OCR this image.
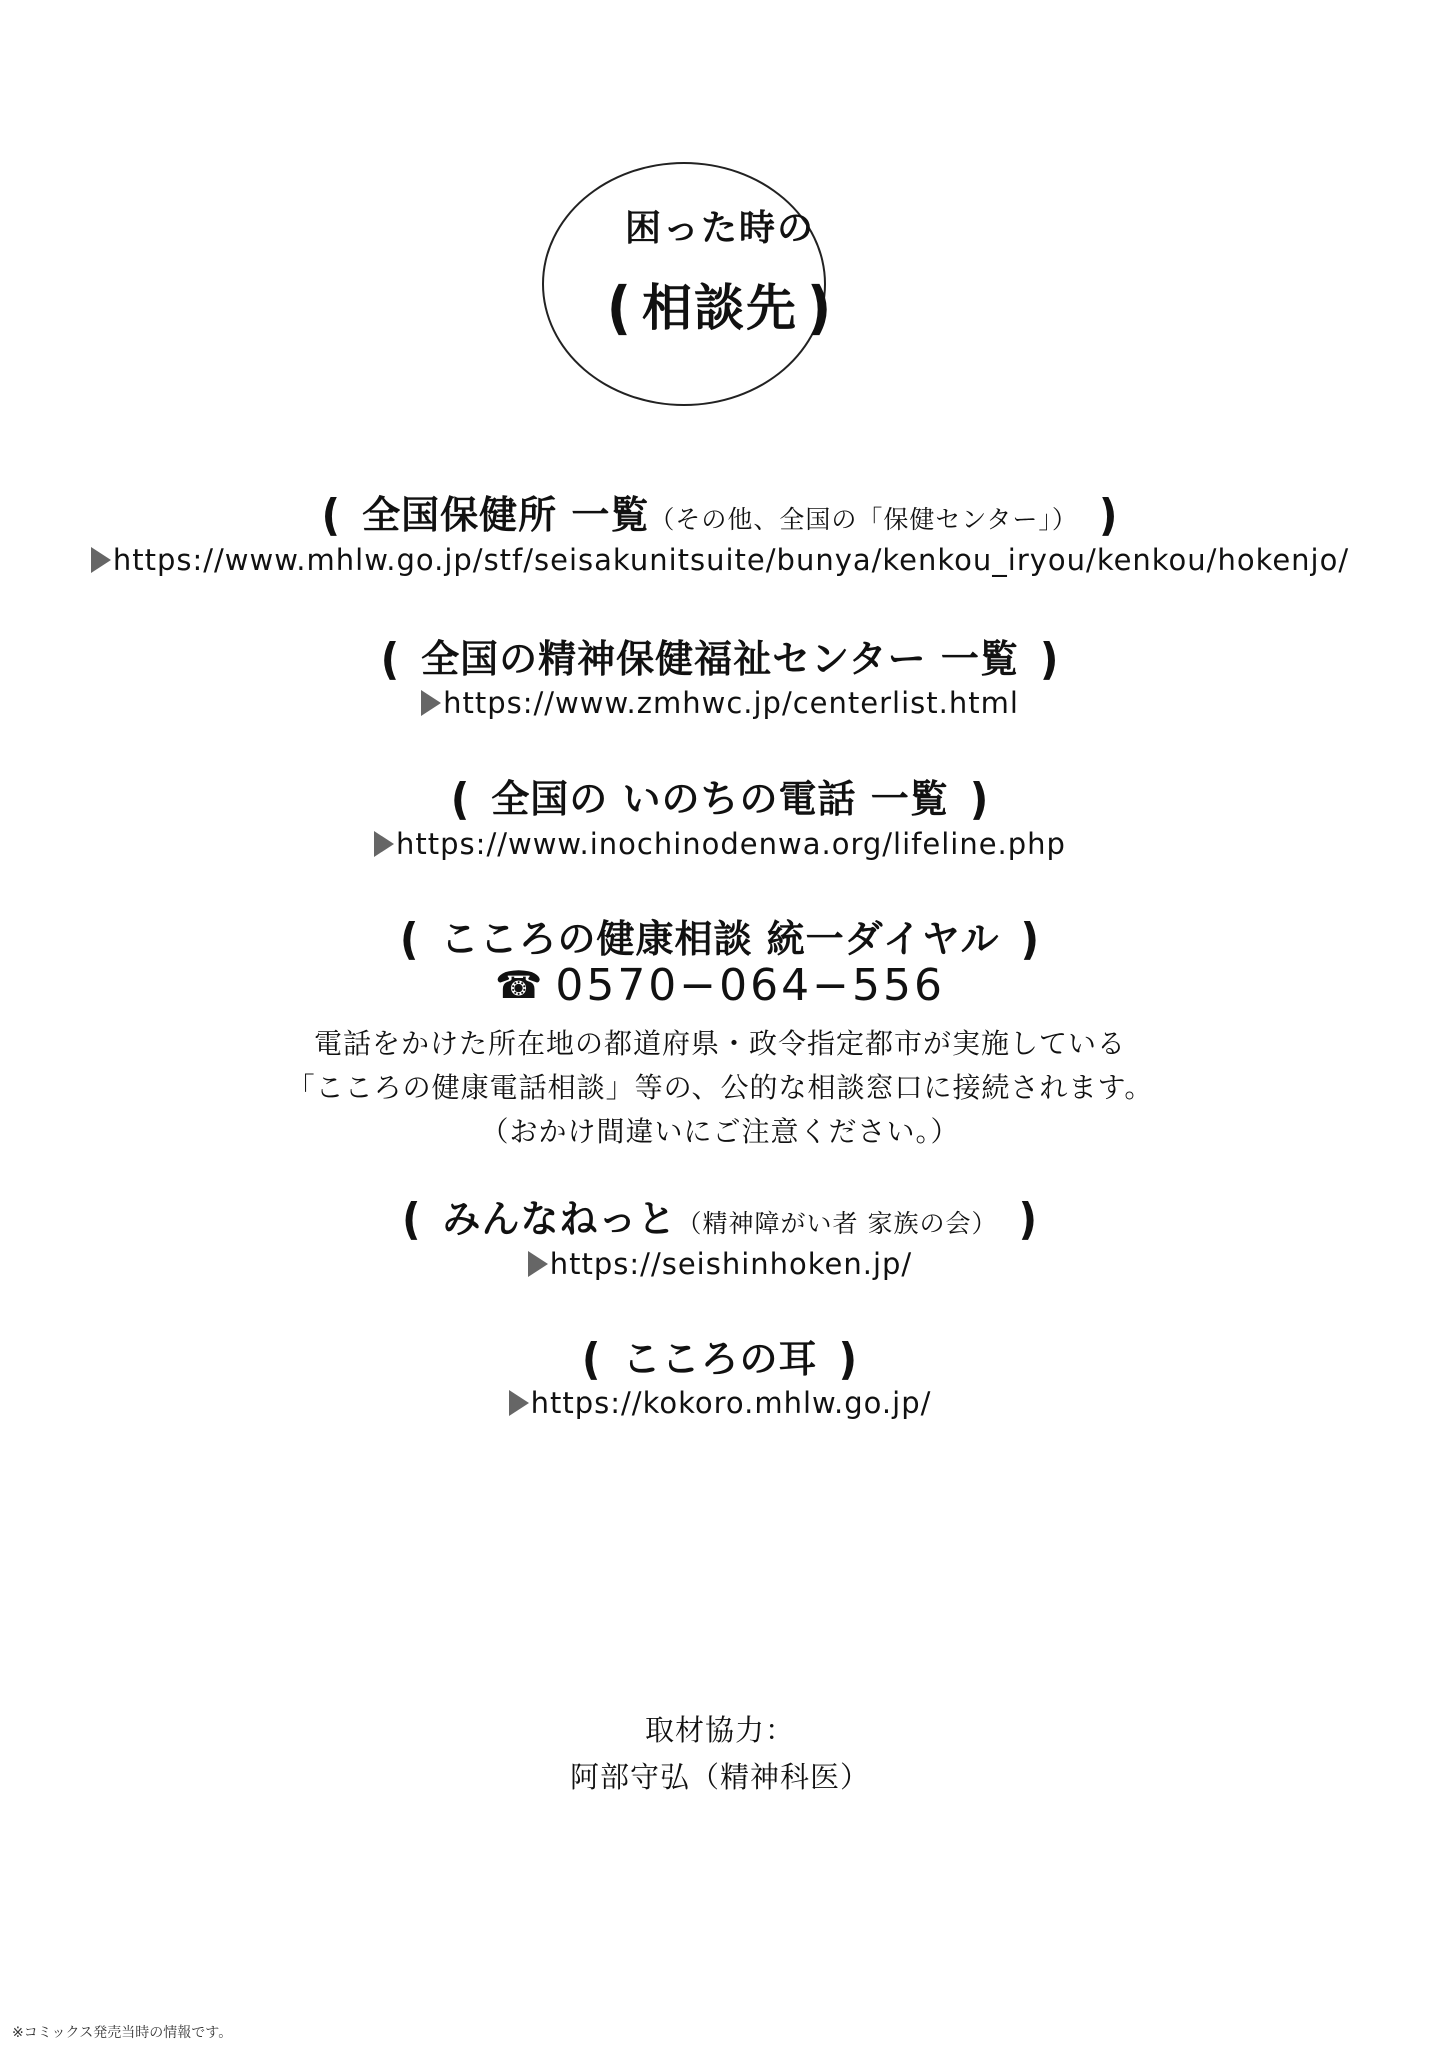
困った時の
❪相談先❫
❪ 全国保健所 一覧（その他、全国の「保健センター」） ❫
https://www.mhlw.go.jp/stf/seisakunitsuite/bunya/kenkou_iryou/kenkou/hokenjo/
❪ 全国の精神保健福祉センター 一覧 ❫
https://www.zmhwc.jp/centerlist.html
❪ 全国の いのちの電話 一覧 ❫
https://www.inochinodenwa.org/lifeline.php
❪ こころの健康相談 統一ダイヤル ❫
☎ 0570−064−556
電話をかけた所在地の都道府県・政令指定都市が実施している
「こころの健康電話相談」等の、公的な相談窓口に接続されます。
（おかけ間違いにご注意ください。）
❪ みんなねっと（精神障がい者 家族の会） ❫
https://seishinhoken.jp/
❪ こころの耳 ❫
https://kokoro.mhlw.go.jp/
取材協力：
阿部守弘（精神科医）
※コミックス発売当時の情報です。
